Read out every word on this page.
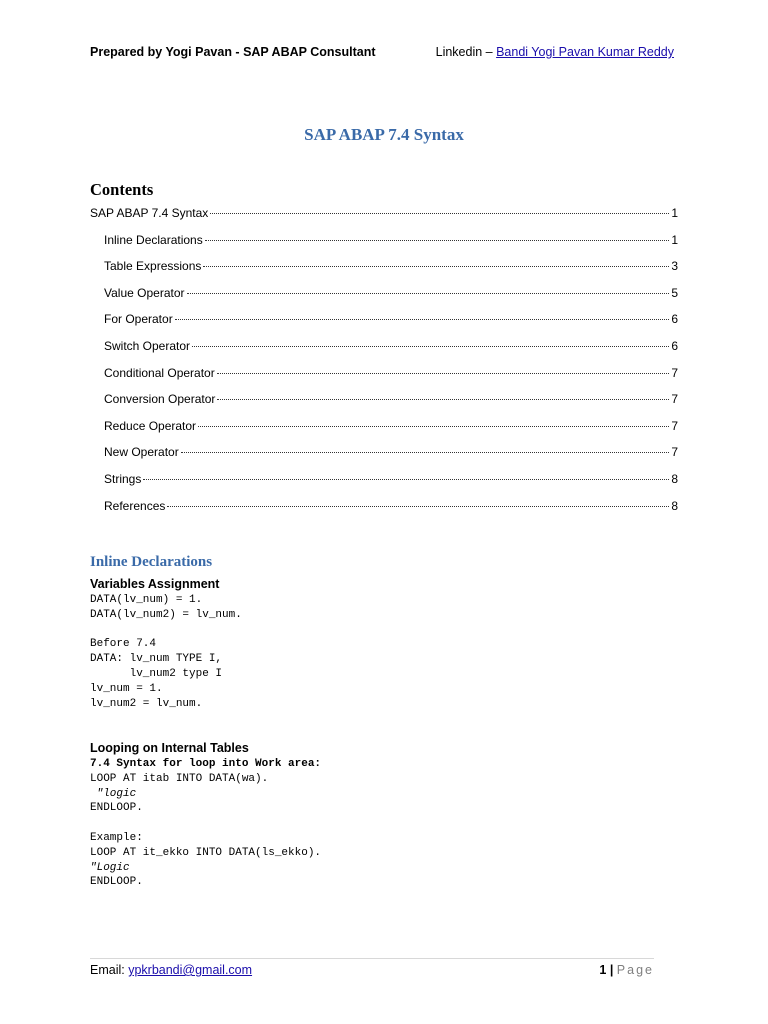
Prepared by Yogi Pavan - SAP ABAP Consultant	Linkedin – Bandi Yogi Pavan Kumar Reddy
SAP ABAP 7.4 Syntax
Contents
SAP ABAP 7.4 Syntax	1
Inline Declarations	1
Table Expressions	3
Value Operator	5
For Operator	6
Switch Operator	6
Conditional Operator	7
Conversion Operator	7
Reduce Operator	7
New Operator	7
Strings	8
References	8
Inline Declarations
Variables Assignment
DATA(lv_num) = 1.
DATA(lv_num2) = lv_num.

Before 7.4
DATA: lv_num TYPE I,
lv_num2 type I
lv_num = 1.
lv_num2 = lv_num.
Looping on Internal Tables
7.4 Syntax for loop into Work area:
LOOP AT itab INTO DATA(wa).
"logic
ENDLOOP.

Example:
LOOP AT it_ekko INTO DATA(ls_ekko).
"Logic
ENDLOOP.
Email: ypkrbandi@gmail.com	1 | Page
